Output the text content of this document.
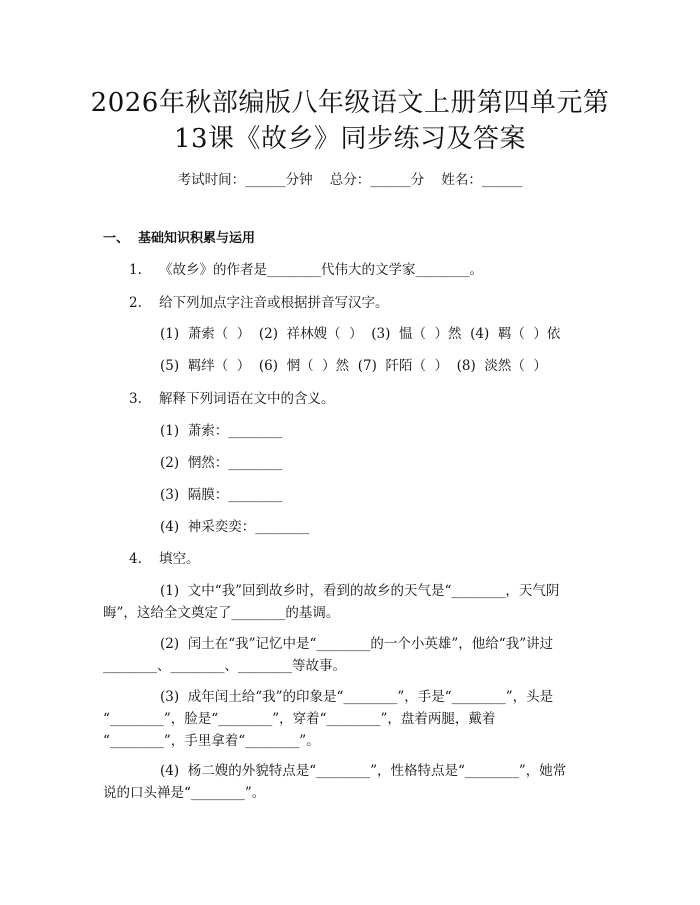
2026年秋部编版八年级语文上册第四单元第
13课《故乡》同步练习及答案
考试时间：______分钟    总分：______分    姓名：______
一、  基础知识积累与运用
1.    《故乡》的作者是________代伟大的文学家________。
2.    给下列加点字注音或根据拼音写汉字。
(1)  萧索（  ）  (2)  祥林嫂（  ）  (3)  愠（  ）然  (4)  羁（  ）依
(5)  羁绊（  ）  (6)  惘（  ）然  (7)  阡陌（  ）  (8)  淡然（  ）
3.    解释下列词语在文中的含义。
(1)  萧索：________
(2)  惘然：________
(3)  隔膜：________
(4)  神采奕奕：________
4.    填空。
(1)  文中“我”回到故乡时，看到的故乡的天气是“________，天气阴
晦”，这给全文奠定了________的基调。
(2)  闰土在“我”记忆中是“________的一个小英雄”，他给“我”讲过
________、________、________等故事。
(3)  成年闰土给“我”的印象是“________”，手是“________”，头是
“________”，脸是“________”，穿着“________”，盘着两腿，戴着
“________”，手里拿着“________”。
(4)  杨二嫂的外貌特点是“________”，性格特点是“________”，她常
说的口头禅是“________”。
